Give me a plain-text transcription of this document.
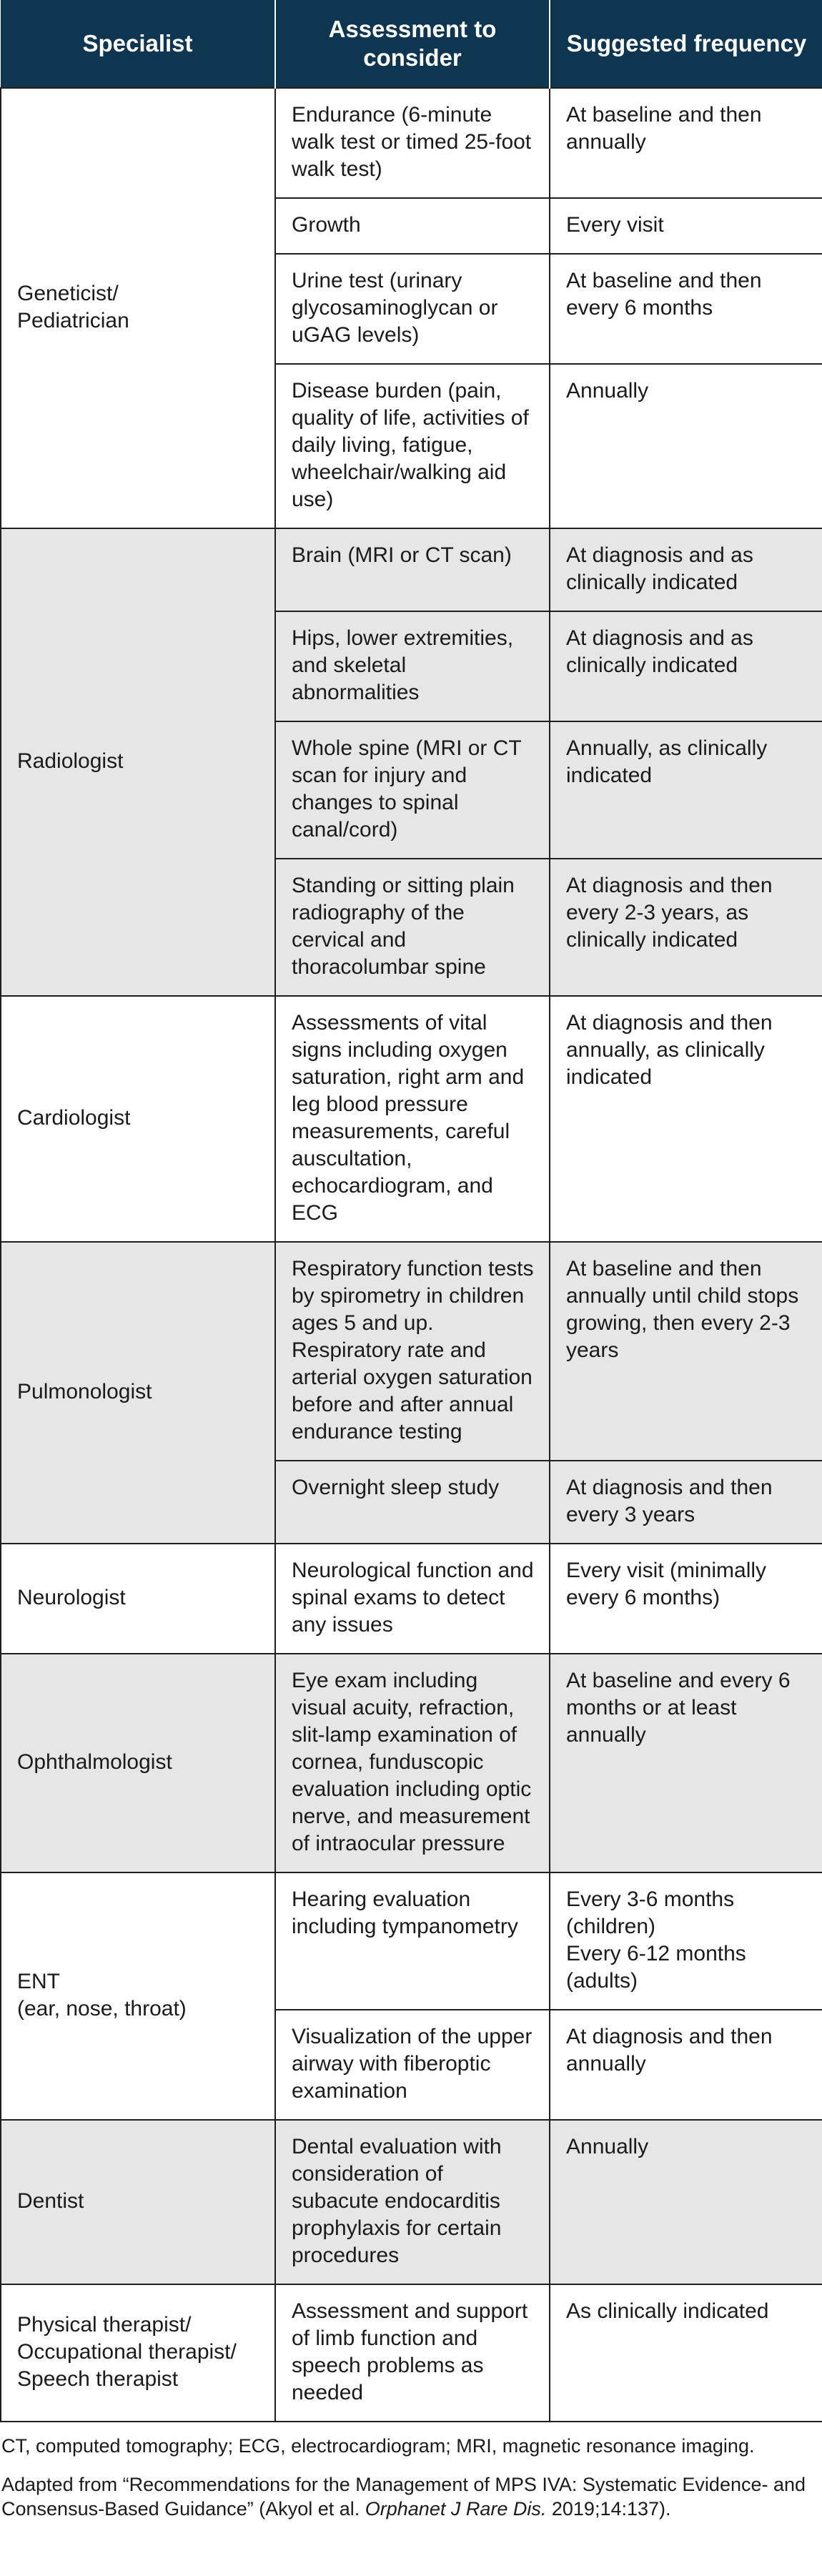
Specialist	Assessment to consider	Suggested frequency
Geneticist/
Pediatrician	Endurance (6-minute walk test or timed 25-foot walk test)	At baseline and then annually
	Growth	Every visit
	Urine test (urinary glycosaminoglycan or uGAG levels)	At baseline and then every 6 months
	Disease burden (pain, quality of life, activities of daily living, fatigue, wheelchair/walking aid use)	Annually
Radiologist	Brain (MRI or CT scan)	At diagnosis and as clinically indicated
	Hips, lower extremities, and skeletal abnormalities	At diagnosis and as clinically indicated
	Whole spine (MRI or CT scan for injury and changes to spinal canal/cord)	Annually, as clinically indicated
	Standing or sitting plain radiography of the cervical and thoracolumbar spine	At diagnosis and then every 2-3 years, as clinically indicated
Cardiologist	Assessments of vital signs including oxygen saturation, right arm and leg blood pressure measurements, careful auscultation, echocardiogram, and ECG	At diagnosis and then annually, as clinically indicated
Pulmonologist	Respiratory function tests by spirometry in children ages 5 and up. Respiratory rate and arterial oxygen saturation before and after annual endurance testing	At baseline and then annually until child stops growing, then every 2-3 years
	Overnight sleep study	At diagnosis and then every 3 years
Neurologist	Neurological function and spinal exams to detect any issues	Every visit (minimally every 6 months)
Ophthalmologist	Eye exam including visual acuity, refraction, slit-lamp examination of cornea, funduscopic evaluation including optic nerve, and measurement of intraocular pressure	At baseline and every 6 months or at least annually
ENT
(ear, nose, throat)	Hearing evaluation including tympanometry	Every 3-6 months (children)
Every 6-12 months (adults)
	Visualization of the upper airway with fiberoptic examination	At diagnosis and then annually
Dentist	Dental evaluation with consideration of subacute endocarditis prophylaxis for certain procedures	Annually
Physical therapist/
Occupational therapist/
Speech therapist	Assessment and support of limb function and speech problems as needed	As clinically indicated
CT, computed tomography; ECG, electrocardiogram; MRI, magnetic resonance imaging.
Adapted from “Recommendations for the Management of MPS IVA: Systematic Evidence- and Consensus-Based Guidance” (Akyol et al. Orphanet J Rare Dis. 2019;14:137).
